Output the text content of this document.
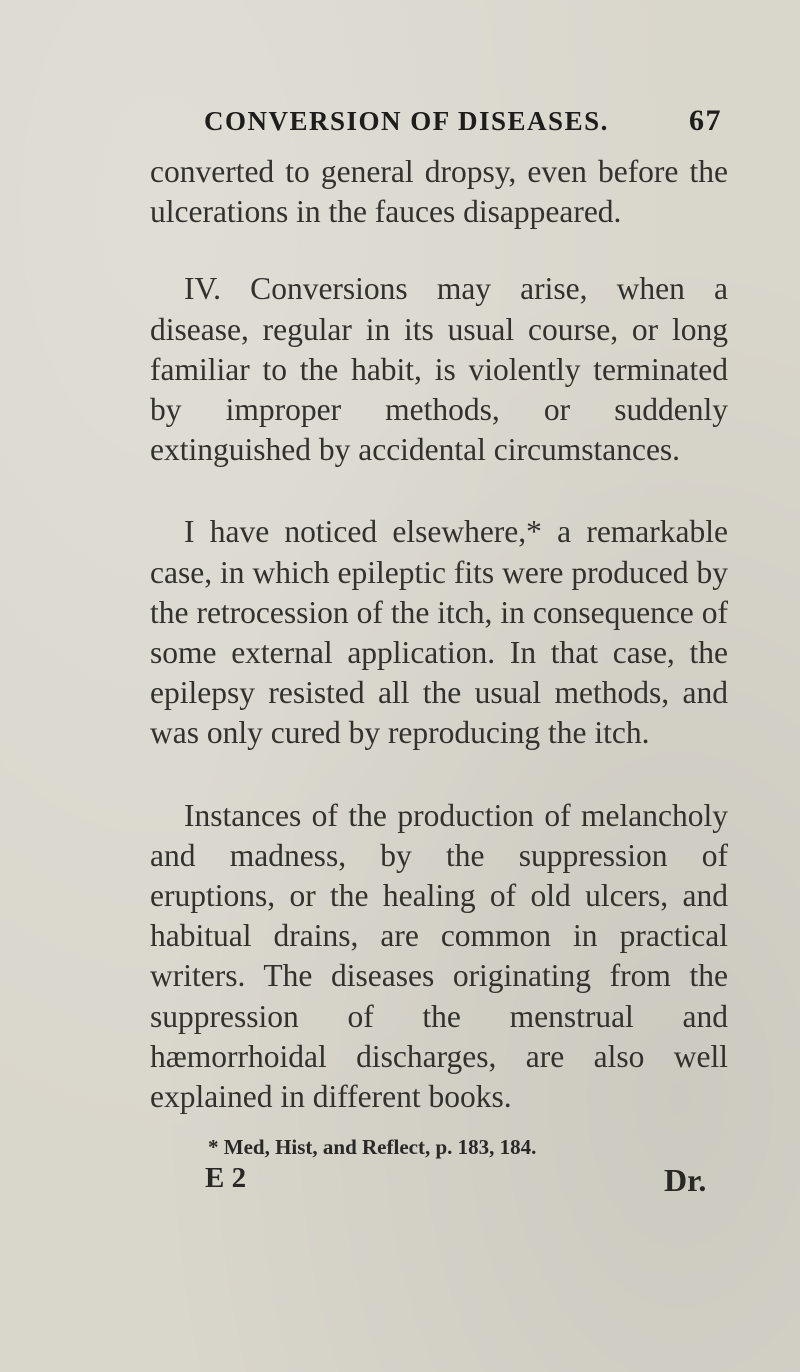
CONVERSION OF DISEASES.	67

converted to general dropsy, even before the ulcerations in the fauces disappeared.

IV. Conversions may arise, when a disease, regular in its usual course, or long familiar to the habit, is violently terminated by improper methods, or suddenly extinguished by accidental circumstances.

I have noticed elsewhere,* a remarkable case, in which epileptic fits were produced by the retrocession of the itch, in consequence of some external application. In that case, the epilepsy resisted all the usual methods, and was only cured by reproducing the itch.

Instances of the production of melancholy and madness, by the suppression of eruptions, or the healing of old ulcers, and habitual drains, are common in practical writers. The diseases originating from the suppression of the menstrual and hæmorrhoidal discharges, are also well explained in different books.

* Med, Hist, and Reflect, p. 183, 184.
E 2	Dr.
